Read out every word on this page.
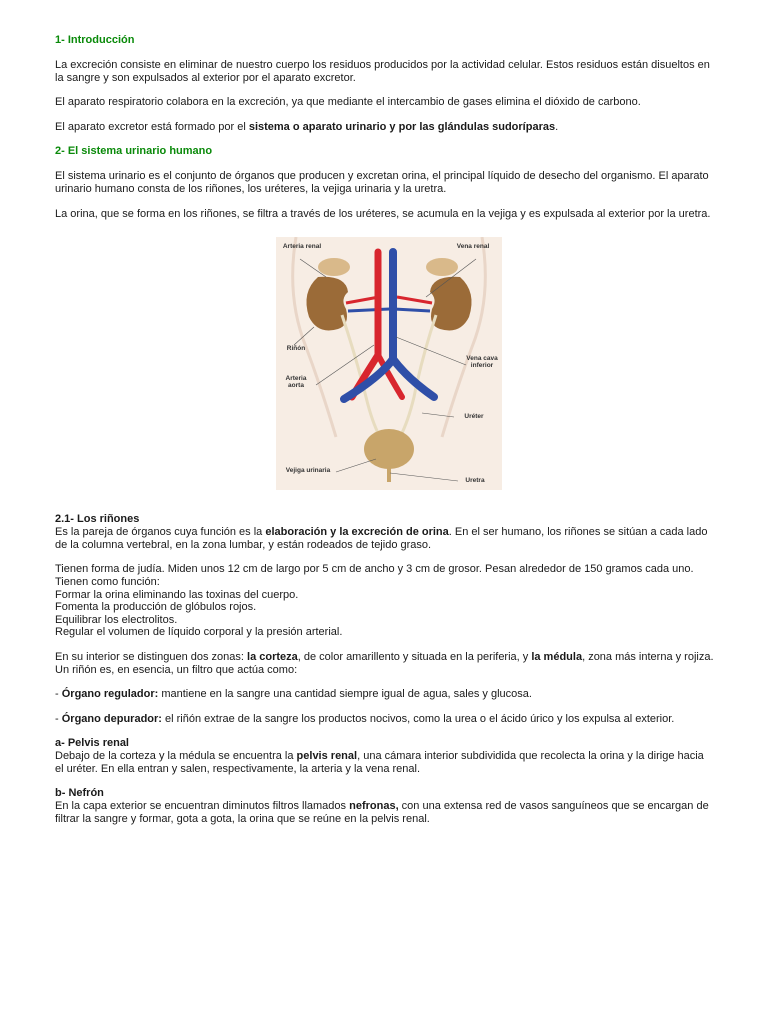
1- Introducción

La excreción consiste en eliminar de nuestro cuerpo los residuos producidos por la actividad celular. Estos residuos están disueltos en la sangre y son expulsados al exterior por el aparato excretor.

El aparato respiratorio colabora en la excreción, ya que mediante el intercambio de gases elimina el dióxido de carbono.

El aparato excretor está formado por el sistema o aparato urinario y por las glándulas sudoríparas.

2- El sistema urinario humano

El sistema urinario es el conjunto de órganos que producen y excretan orina, el principal líquido de desecho del organismo. El aparato urinario humano consta de los riñones, los uréteres, la vejiga urinaria y la uretra.

La orina, que se forma en los riñones, se filtra a través de los uréteres, se acumula en la vejiga y es expulsada al exterior por la uretra.

Arteria renal	Vena renal
Riñón
Arteria aorta
Vena cava inferior
Uréter
Vejiga urinaria
Uretra
2.1- Los riñones

Es la pareja de órganos cuya función es la elaboración y la excreción de orina. En el ser humano, los riñones se sitúan a cada lado de la columna vertebral, en la zona lumbar, y están rodeados de tejido graso.

Tienen forma de judía. Miden unos 12 cm de largo por 5 cm de ancho y 3 cm de grosor. Pesan alrededor de 150 gramos cada uno.

Tienen como función:

Formar la orina eliminando las toxinas del cuerpo.

Fomenta la producción de glóbulos rojos.

Equilibrar los electrolitos.

Regular el volumen de líquido corporal y la presión arterial.

En su interior se distinguen dos zonas: la corteza, de color amarillento y situada en la periferia, y la médula, zona más interna y rojiza. Un riñón es, en esencia, un filtro que actúa como:

- Órgano regulador: mantiene en la sangre una cantidad siempre igual de agua, sales y glucosa.

- Órgano depurador: el riñón extrae de la sangre los productos nocivos, como la urea o el ácido úrico y los expulsa al exterior.

a- Pelvis renal

Debajo de la corteza y la médula se encuentra la pelvis renal, una cámara interior subdividida que recolecta la orina y la dirige hacia el uréter. En ella entran y salen, respectivamente, la arteria y la vena renal.

b- Nefrón

En la capa exterior se encuentran diminutos filtros llamados nefronas, con una extensa red de vasos sanguíneos que se encargan de filtrar la sangre y formar, gota a gota, la orina que se reúne en la pelvis renal.
